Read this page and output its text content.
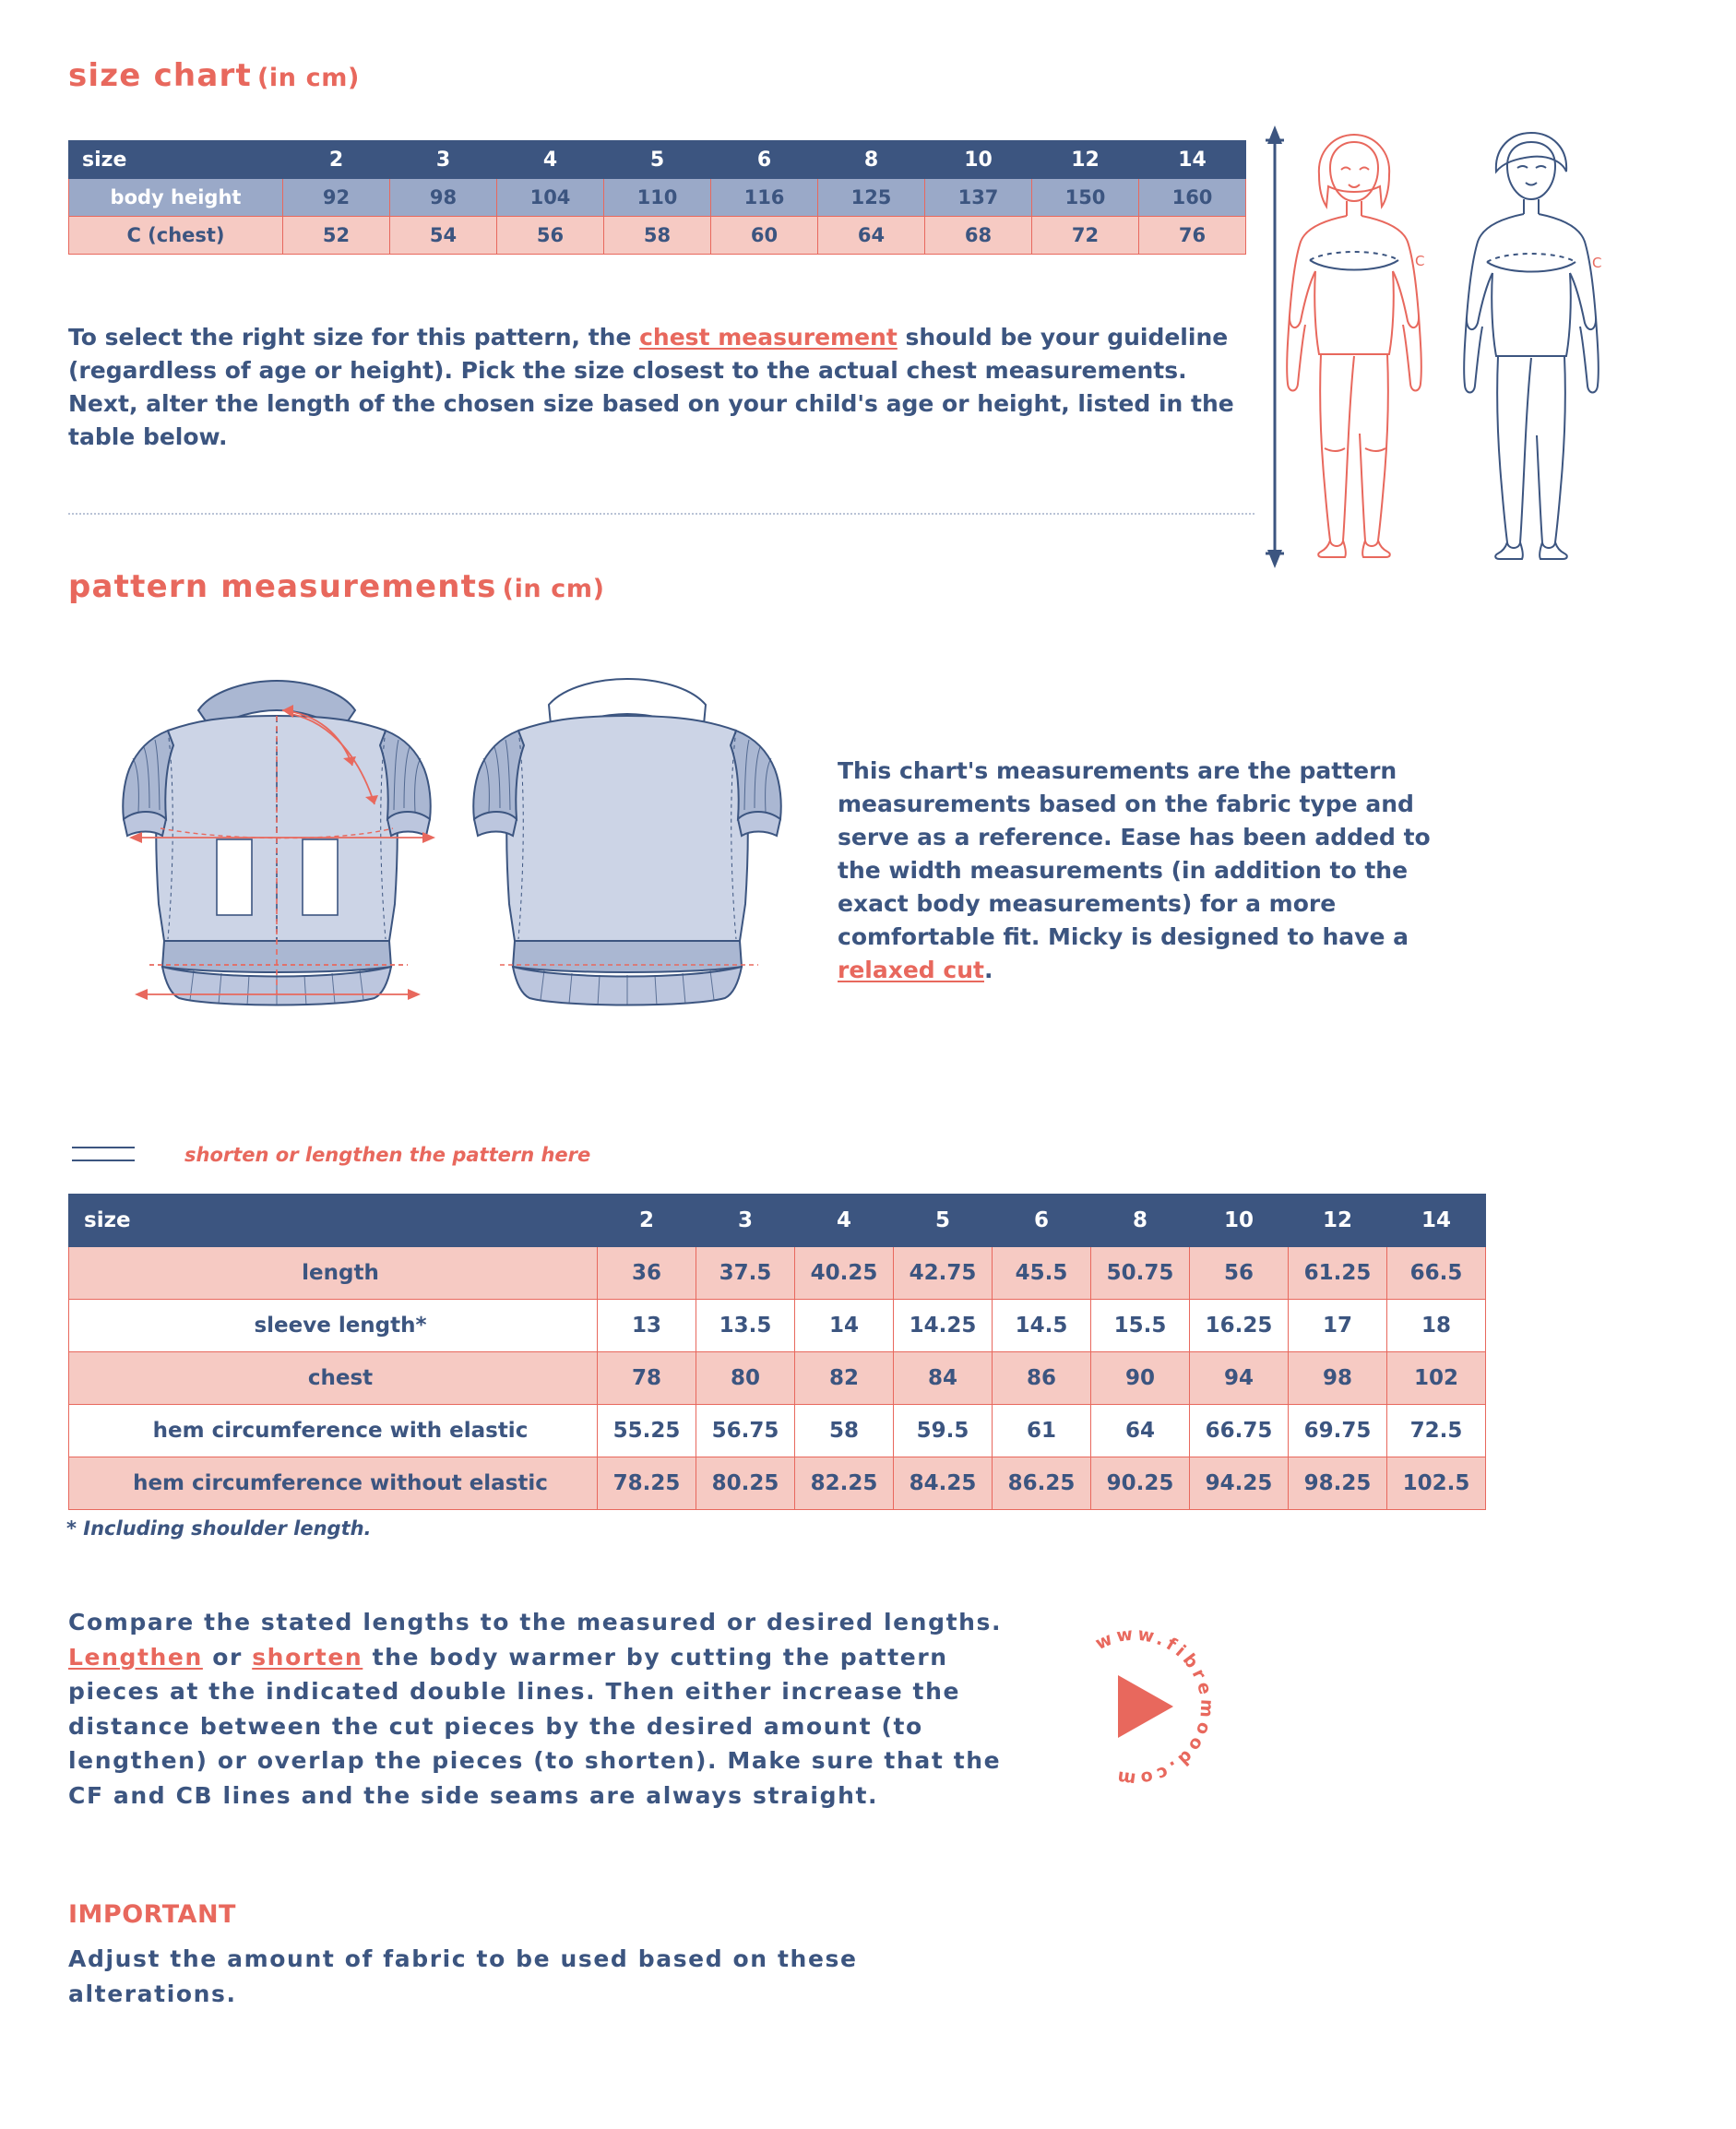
size chart (in cm)
size	2	3	4	5	6	8	10	12	14
body height	92	98	104	110	116	125	137	150	160
C (chest)	52	54	56	58	60	64	68	72	76
To select the right size for this pattern, the chest measurement should be your guideline (regardless of age or height). Pick the size closest to the actual chest measurements. Next, alter the length of the chosen size based on your child's age or height, listed in the table below.
C	C
pattern measurements (in cm)
This chart's measurements are the pattern measurements based on the fabric type and serve as a reference. Ease has been added to the width measurements (in addition to the exact body measurements) for a more comfortable fit. Micky is designed to have a relaxed cut.
shorten or lengthen the pattern here
size	2	3	4	5	6	8	10	12	14
length	36	37.5	40.25	42.75	45.5	50.75	56	61.25	66.5
sleeve length*	13	13.5	14	14.25	14.5	15.5	16.25	17	18
chest	78	80	82	84	86	90	94	98	102
hem circumference with elastic	55.25	56.75	58	59.5	61	64	66.75	69.75	72.5
hem circumference without elastic	78.25	80.25	82.25	84.25	86.25	90.25	94.25	98.25	102.5
* Including shoulder length.
Compare the stated lengths to the measured or desired lengths. Lengthen or shorten the body warmer by cutting the pattern pieces at the indicated double lines. Then either increase the distance between the cut pieces by the desired amount (to lengthen) or overlap the pieces (to shorten). Make sure that the CF and CB lines and the side seams are always straight.
www.fibremood.com
IMPORTANT
Adjust the amount of fabric to be used based on these alterations.
